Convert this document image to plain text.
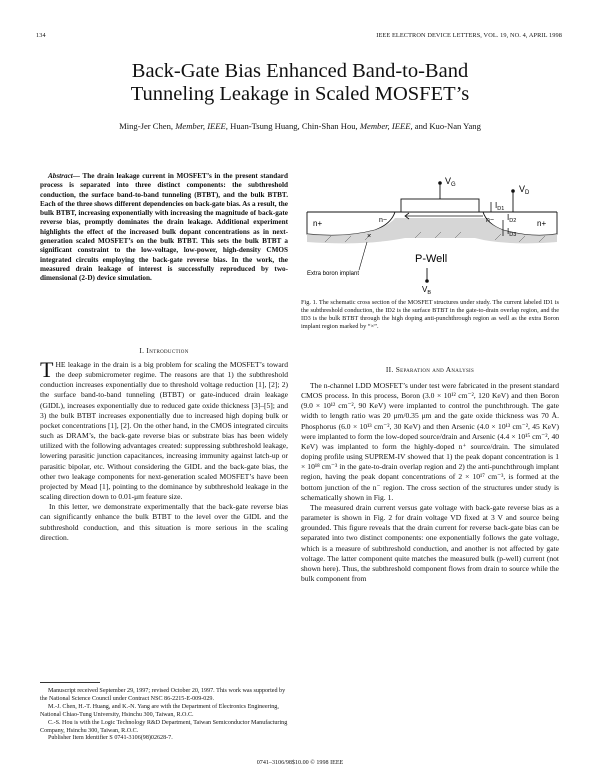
134	IEEE ELECTRON DEVICE LETTERS, VOL. 19, NO. 4, APRIL 1998
Back-Gate Bias Enhanced Band-to-Band
Tunneling Leakage in Scaled MOSFET’s
Ming-Jer Chen, Member, IEEE, Huan-Tsung Huang, Chin-Shan Hou, Member, IEEE, and Kuo-Nan Yang
Abstract— The drain leakage current in MOSFET’s in the present standard process is separated into three distinct components: the subthreshold conduction, the surface band-to-band tunneling (BTBT), and the bulk BTBT. Each of the three shows different dependencies on back-gate bias. As a result, the bulk BTBT, increasing exponentially with increasing the magnitude of back-gate reverse bias, promptly dominates the drain leakage. Additional experiment highlights the effect of the increased bulk dopant concentrations as in next-generation scaled MOSFET’s on the bulk BTBT. This sets the bulk BTBT a significant constraint to the low-voltage, low-power, high-density CMOS integrated circuits employing the back-gate reverse bias. In the work, the measured drain leakage of interest is successfully reproduced by two-dimensional (2-D) device simulation.
I. Introduction

THE leakage in the drain is a big problem for scaling the MOSFET’s toward the deep submicrometer regime. The reasons are that 1) the subthreshold conduction increases exponentially due to threshold voltage reduction [1], [2]; 2) the surface band-to-band tunneling (BTBT) or gate-induced drain leakage (GIDL), increases exponentially due to reduced gate oxide thickness [3]–[5]; and 3) the bulk BTBT increases exponentially due to increased high doping bulk or pocket concentrations [1], [2]. On the other hand, in the CMOS integrated circuits such as DRAM’s, the back-gate reverse bias or substrate bias has been widely utilized with the following advantages created: suppressing subthreshold leakage, lowering parasitic junction capacitances, increasing immunity against latch-up or parasitic bipolar, etc. Without considering the GIDL and the back-gate bias, the other two leakage components for next-generation scaled MOSFET’s have been projected by Mead [1], pointing to the dominance by subthreshold leakage in the scaling direction down to 0.01-μm feature size.

In this letter, we demonstrate experimentally that the back-gate reverse bias can significantly enhance the bulk BTBT to the level over the GIDL and the subthreshold conduction, and this situation is more serious in the scaling direction.

Manuscript received September 29, 1997; revised October 20, 1997. This work was supported by the National Science Council under Contract NSC 86-2215-E-009-029.

M.-J. Chen, H.-T. Huang, and K.-N. Yang are with the Department of Electronics Engineering, National Chiao-Tung University, Hsinchu 300, Taiwan, R.O.C.

C.-S. Hou is with the Logic Technology R&D Department, Taiwan Semiconductor Manufacturing Company, Hsinchu 300, Taiwan, R.O.C.

Publisher Item Identifier S 0741-3106(98)02628-7.

$V_G$	$V_D$
n+	n−	n−	n+
$I_{D1}$
$I_{D2}$
$I_{D3}$
×
P-Well
Extra boron implant
$V_B$
Fig. 1. The schematic cross section of the MOSFET structures under study. The current labeled ID1 is the subthreshold conduction, the ID2 is the surface BTBT in the gate-to-drain overlap region, and the ID3 is the bulk BTBT through the high doping anti-punchthrough region as well as the extra Boron implant region marked by “×”.
II. Separation and Analysis

The n-channel LDD MOSFET’s under test were fabricated in the present standard CMOS process. In this process, Boron (3.0 × 10¹² cm⁻², 120 KeV) and then Boron (9.0 × 10¹² cm⁻², 90 KeV) were implanted to control the punchthrough. The gate width to length ratio was 20 μm/0.35 μm and the gate oxide thickness was 70 Å. Phosphorus (6.0 × 10¹³ cm⁻², 30 KeV) and then Arsenic (4.0 × 10¹³ cm⁻², 45 KeV) were implanted to form the low-doped source/drain and Arsenic (4.4 × 10¹⁵ cm⁻², 40 KeV) was implanted to form the highly-doped n⁺ source/drain. The simulated doping profile using SUPREM-IV showed that 1) the peak dopant concentration is 1 × 10¹⁸ cm⁻³ in the gate-to-drain overlap region and 2) the anti-punchthrough implant region, having the peak dopant concentrations of 2 × 10¹⁷ cm⁻³, is formed at the bottom junction of the n⁻ region. The cross section of the structures under study is schematically shown in Fig. 1.

The measured drain current versus gate voltage with back-gate reverse bias as a parameter is shown in Fig. 2 for drain voltage VD fixed at 3 V and source being grounded. This figure reveals that the drain current for reverse back-gate bias can be separated into two distinct components: one exponentially follows the gate voltage, which is a measure of subthreshold conduction, and another is not affected by gate voltage. The latter component quite matches the measured bulk (p-well) current (not shown here). Thus, the subthreshold component flows from drain to source while the bulk component from

0741–3106/98$10.00 © 1998 IEEE
